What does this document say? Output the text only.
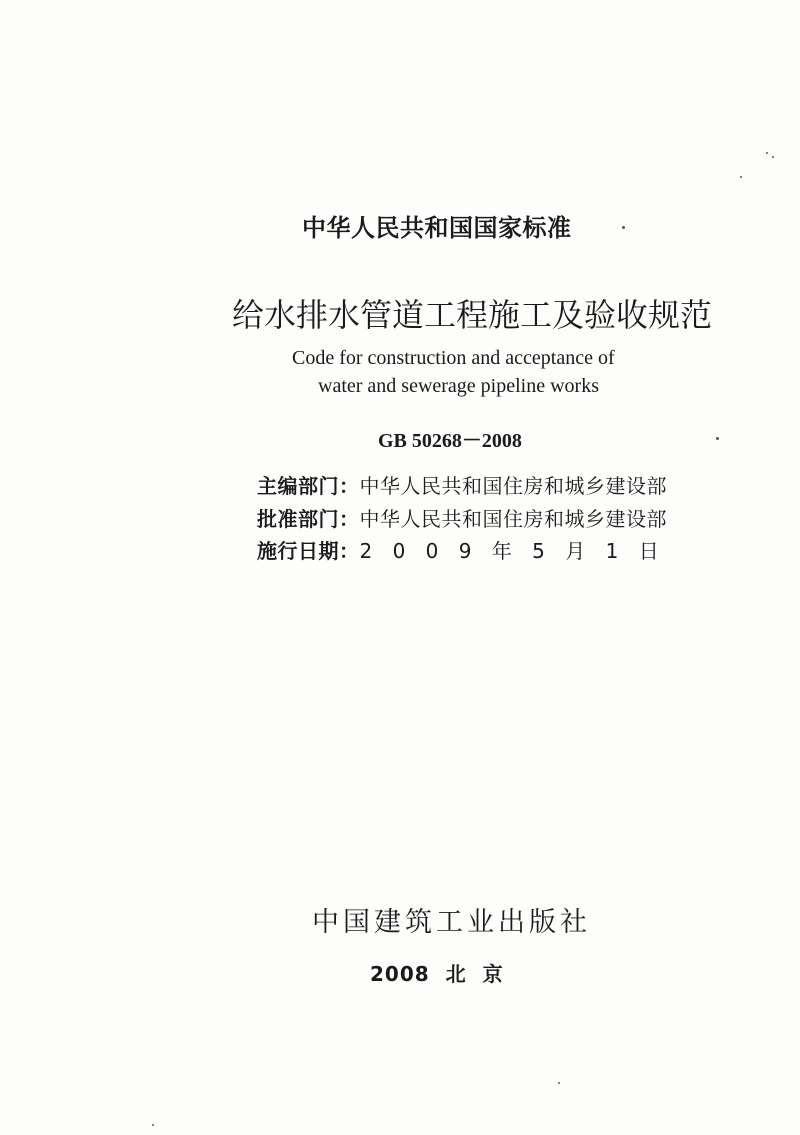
中华人民共和国国家标准
给水排水管道工程施工及验收规范
Code for construction and acceptance of
water and sewerage pipeline works
GB 50268－2008
主编部门：中华人民共和国住房和城乡建设部
批准部门：中华人民共和国住房和城乡建设部
施行日期：2 0 0 9 年 5 月 1 日
中国建筑工业出版社
2008 北 京
